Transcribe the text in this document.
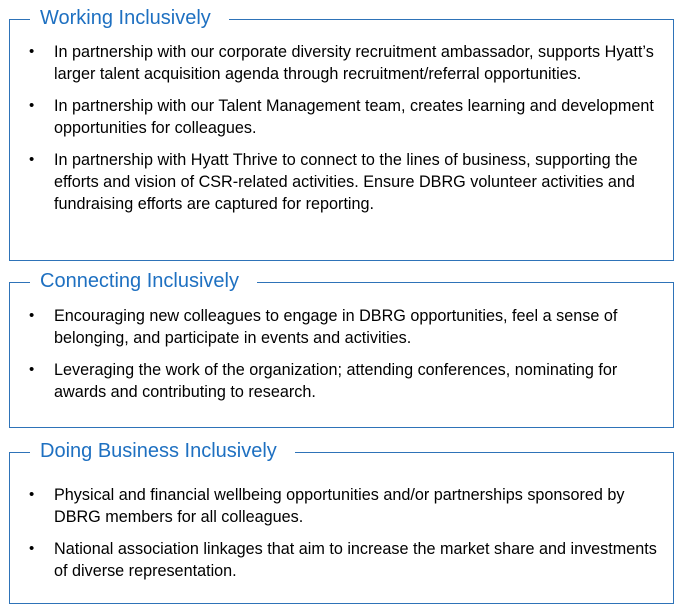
Working Inclusively
• In partnership with our corporate diversity recruitment ambassador, supports Hyatt’s larger talent acquisition agenda through recruitment/referral opportunities.
• In partnership with our Talent Management team, creates learning and development opportunities for colleagues.
• In partnership with Hyatt Thrive to connect to the lines of business, supporting the efforts and vision of CSR-related activities. Ensure DBRG volunteer activities and fundraising efforts are captured for reporting.
Connecting Inclusively
• Encouraging new colleagues to engage in DBRG opportunities, feel a sense of belonging, and participate in events and activities.
• Leveraging the work of the organization; attending conferences, nominating for awards and contributing to research.
Doing Business Inclusively
• Physical and financial wellbeing opportunities and/or partnerships sponsored by DBRG members for all colleagues.
• National association linkages that aim to increase the market share and investments of diverse representation.
